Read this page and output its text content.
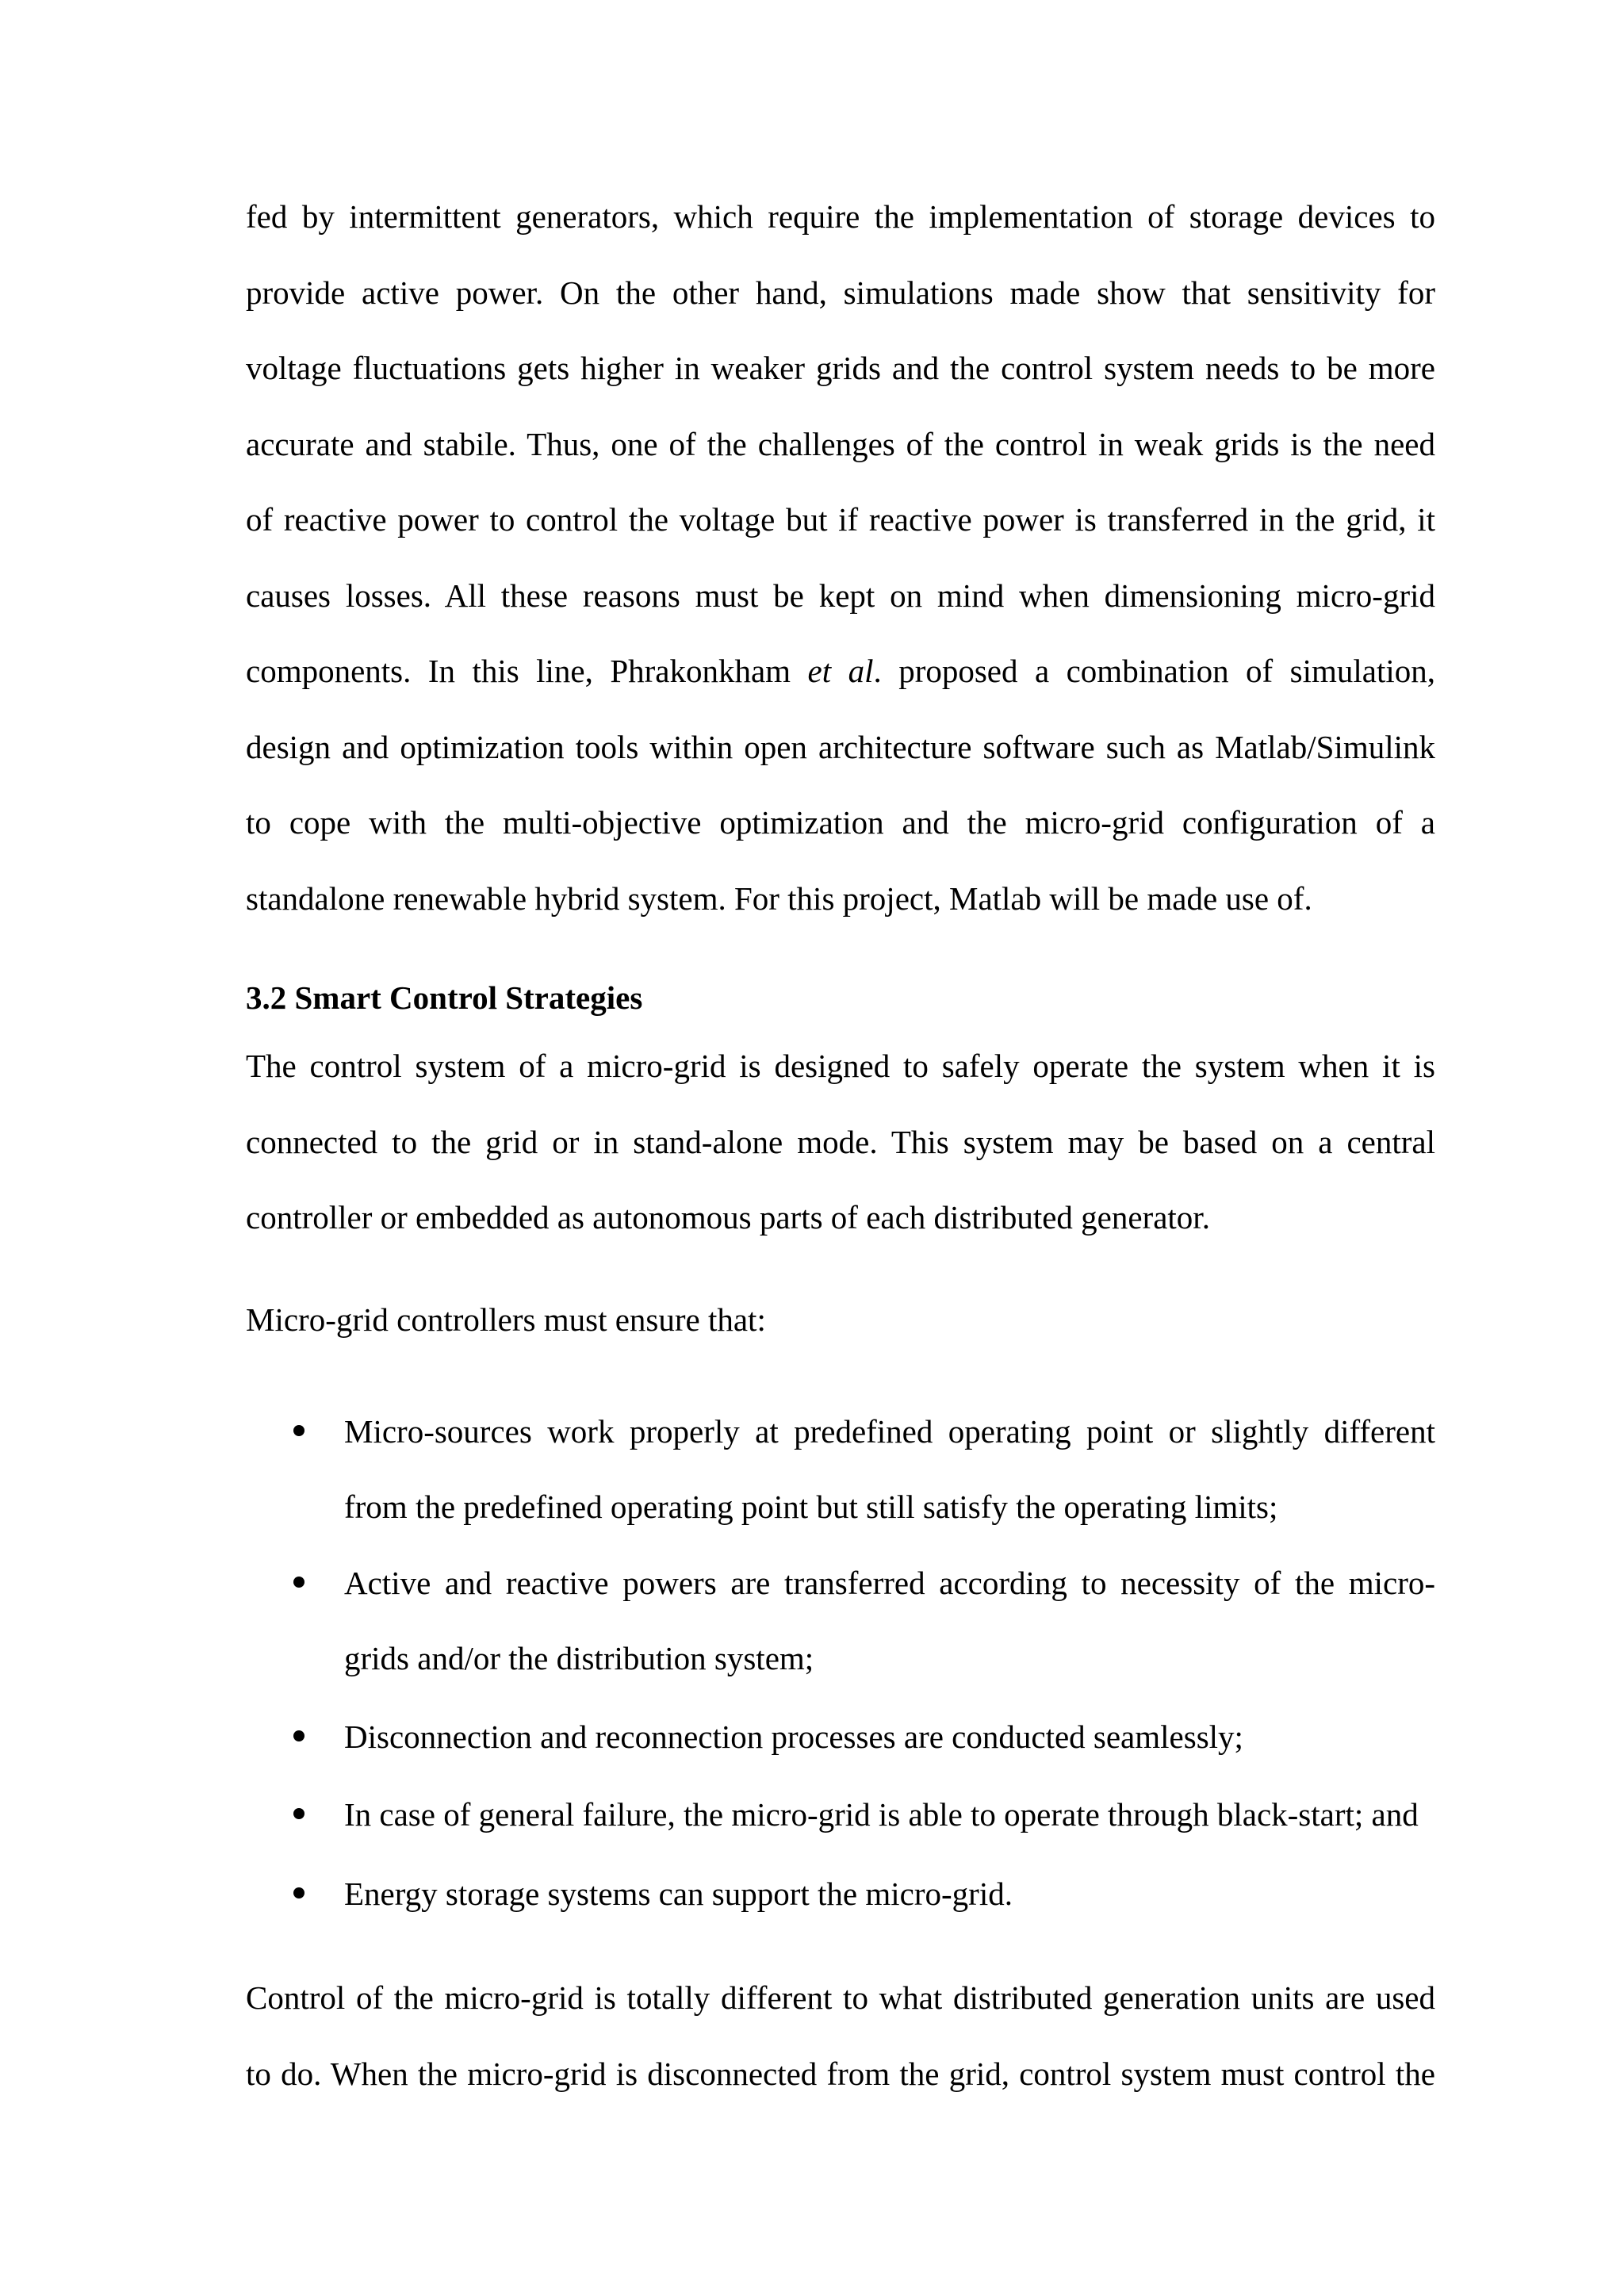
fed by intermittent generators, which require the implementation of storage devices to
provide active power. On the other hand, simulations made show that sensitivity for
voltage fluctuations gets higher in weaker grids and the control system needs to be more
accurate and stabile. Thus, one of the challenges of the control in weak grids is the need
of reactive power to control the voltage but if reactive power is transferred in the grid, it
causes losses. All these reasons must be kept on mind when dimensioning micro-grid
components. In this line, Phrakonkham et al. proposed a combination of simulation,
design and optimization tools within open architecture software such as Matlab/Simulink
to cope with the multi-objective optimization and the micro-grid configuration of a
standalone renewable hybrid system. For this project, Matlab will be made use of.
3.2 Smart Control Strategies
The control system of a micro-grid is designed to safely operate the system when it is
connected to the grid or in stand-alone mode. This system may be based on a central
controller or embedded as autonomous parts of each distributed generator.

Micro-grid controllers must ensure that:

Micro-sources work properly at predefined operating point or slightly different
from the predefined operating point but still satisfy the operating limits;
Active and reactive powers are transferred according to necessity of the micro-
grids and/or the distribution system;
Disconnection and reconnection processes are conducted seamlessly;
In case of general failure, the micro-grid is able to operate through black-start; and
Energy storage systems can support the micro-grid.
Control of the micro-grid is totally different to what distributed generation units are used
to do. When the micro-grid is disconnected from the grid, control system must control the
